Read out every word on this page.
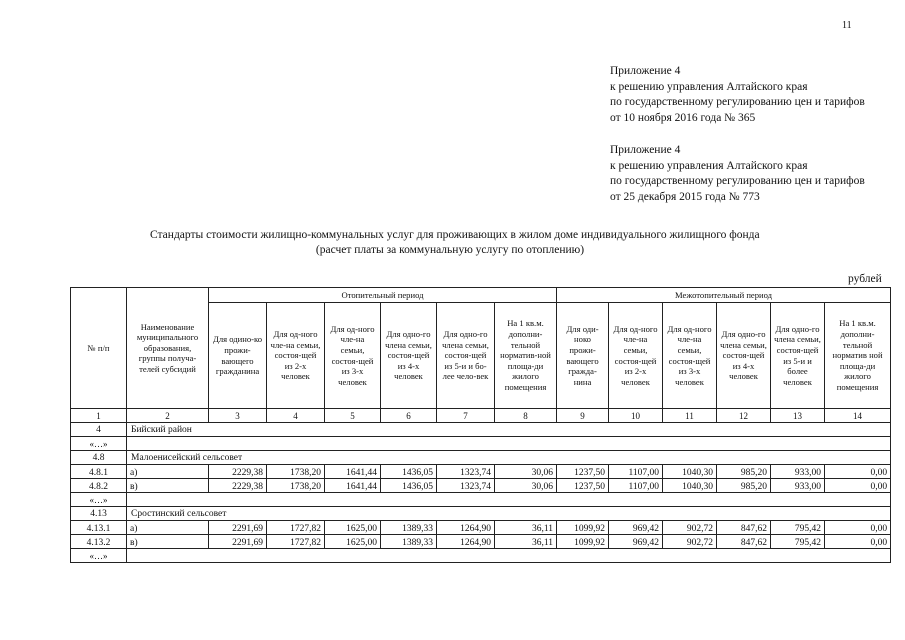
11
Приложение 4
к решению управления Алтайского края
по государственному регулированию цен и тарифов
от 10 ноября 2016 года № 365
Приложение 4
к решению управления Алтайского края
по государственному регулированию цен и тарифов
от 25 декабря 2015 года № 773
Стандарты стоимости жилищно-коммунальных услуг для проживающих в жилом доме индивидуального жилищного фонда
(расчет платы за коммунальную услугу по отоплению)
рублей
№ п/п	Наименование муниципального образования, группы получа-телей субсидий	Отопительный период						Межотопительный период					
		Для одино-ко прожи-вающего гражданина	Для од-ного чле-на семьи, состоя-щей из 2-х человек	Для од-ного чле-на семьи, состоя-щей из 3-х человек	Для одно-го члена семьи, состоя-щей из 4-х человек	Для одно-го члена семьи, состоя-щей из 5-и и бо-лее чело-век	На 1 кв.м. дополни-тельной норматив-ной площа-ди жилого помещения	Для оди-ноко прожи-вающего гражда-нина	Для од-ного чле-на семьи, состоя-щей из 2-х человек	Для од-ного чле-на семьи, состоя-щей из 3-х человек	Для одно-го члена семьи, состоя-щей из 4-х человек	Для одно-го члена семьи, состоя-щей из 5-и и более человек	На 1 кв.м. дополни-тельной норматив ной площа-ди жилого помещения
1	2	3	4	5	6	7	8	9	10	11	12	13	14
4	Бийский район												
«…»													
4.8	Малоенисейский сельсовет												
4.8.1	а)	2229,38	1738,20	1641,44	1436,05	1323,74	30,06	1237,50	1107,00	1040,30	985,20	933,00	0,00
4.8.2	в)	2229,38	1738,20	1641,44	1436,05	1323,74	30,06	1237,50	1107,00	1040,30	985,20	933,00	0,00
«…»													
4.13	Сростинский сельсовет												
4.13.1	а)	2291,69	1727,82	1625,00	1389,33	1264,90	36,11	1099,92	969,42	902,72	847,62	795,42	0,00
4.13.2	в)	2291,69	1727,82	1625,00	1389,33	1264,90	36,11	1099,92	969,42	902,72	847,62	795,42	0,00
«…»													
